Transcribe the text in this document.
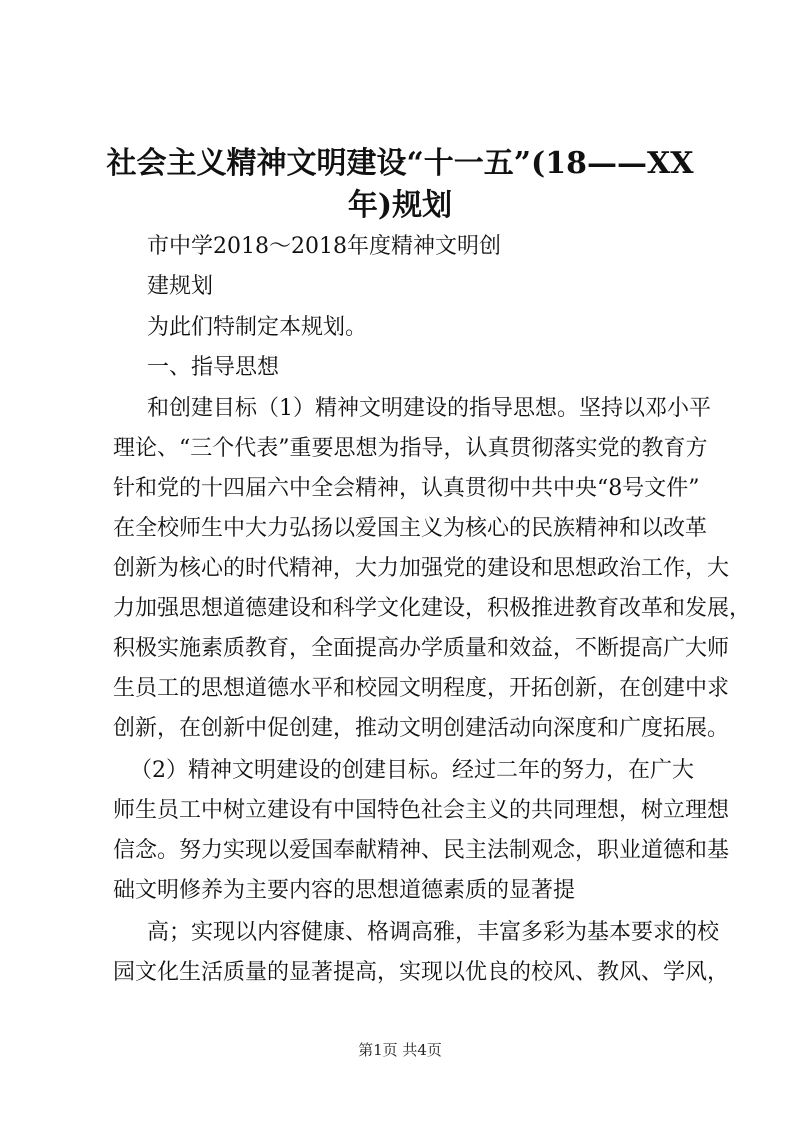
社会主义精神文明建设“十一五”(18——XX
年)规划

市中学2018～2018年度精神文明创

建规划

为此们特制定本规划。

一、指导思想

和创建目标（1）精神文明建设的指导思想。坚持以邓小平

理论、“三个代表”重要思想为指导，认真贯彻落实党的教育方

针和党的十四届六中全会精神，认真贯彻中共中央“8号文件”

在全校师生中大力弘扬以爱国主义为核心的民族精神和以改革

创新为核心的时代精神，大力加强党的建设和思想政治工作，大

力加强思想道德建设和科学文化建设，积极推进教育改革和发展，

积极实施素质教育，全面提高办学质量和效益，不断提高广大师

生员工的思想道德水平和校园文明程度，开拓创新，在创建中求

创新，在创新中促创建，推动文明创建活动向深度和广度拓展。

（2）精神文明建设的创建目标。经过二年的努力，在广大

师生员工中树立建设有中国特色社会主义的共同理想，树立理想

信念。努力实现以爱国奉献精神、民主法制观念，职业道德和基

础文明修养为主要内容的思想道德素质的显著提

高；实现以内容健康、格调高雅，丰富多彩为基本要求的校

园文化生活质量的显著提高，实现以优良的校风、教风、学风，

第1页 共4页
